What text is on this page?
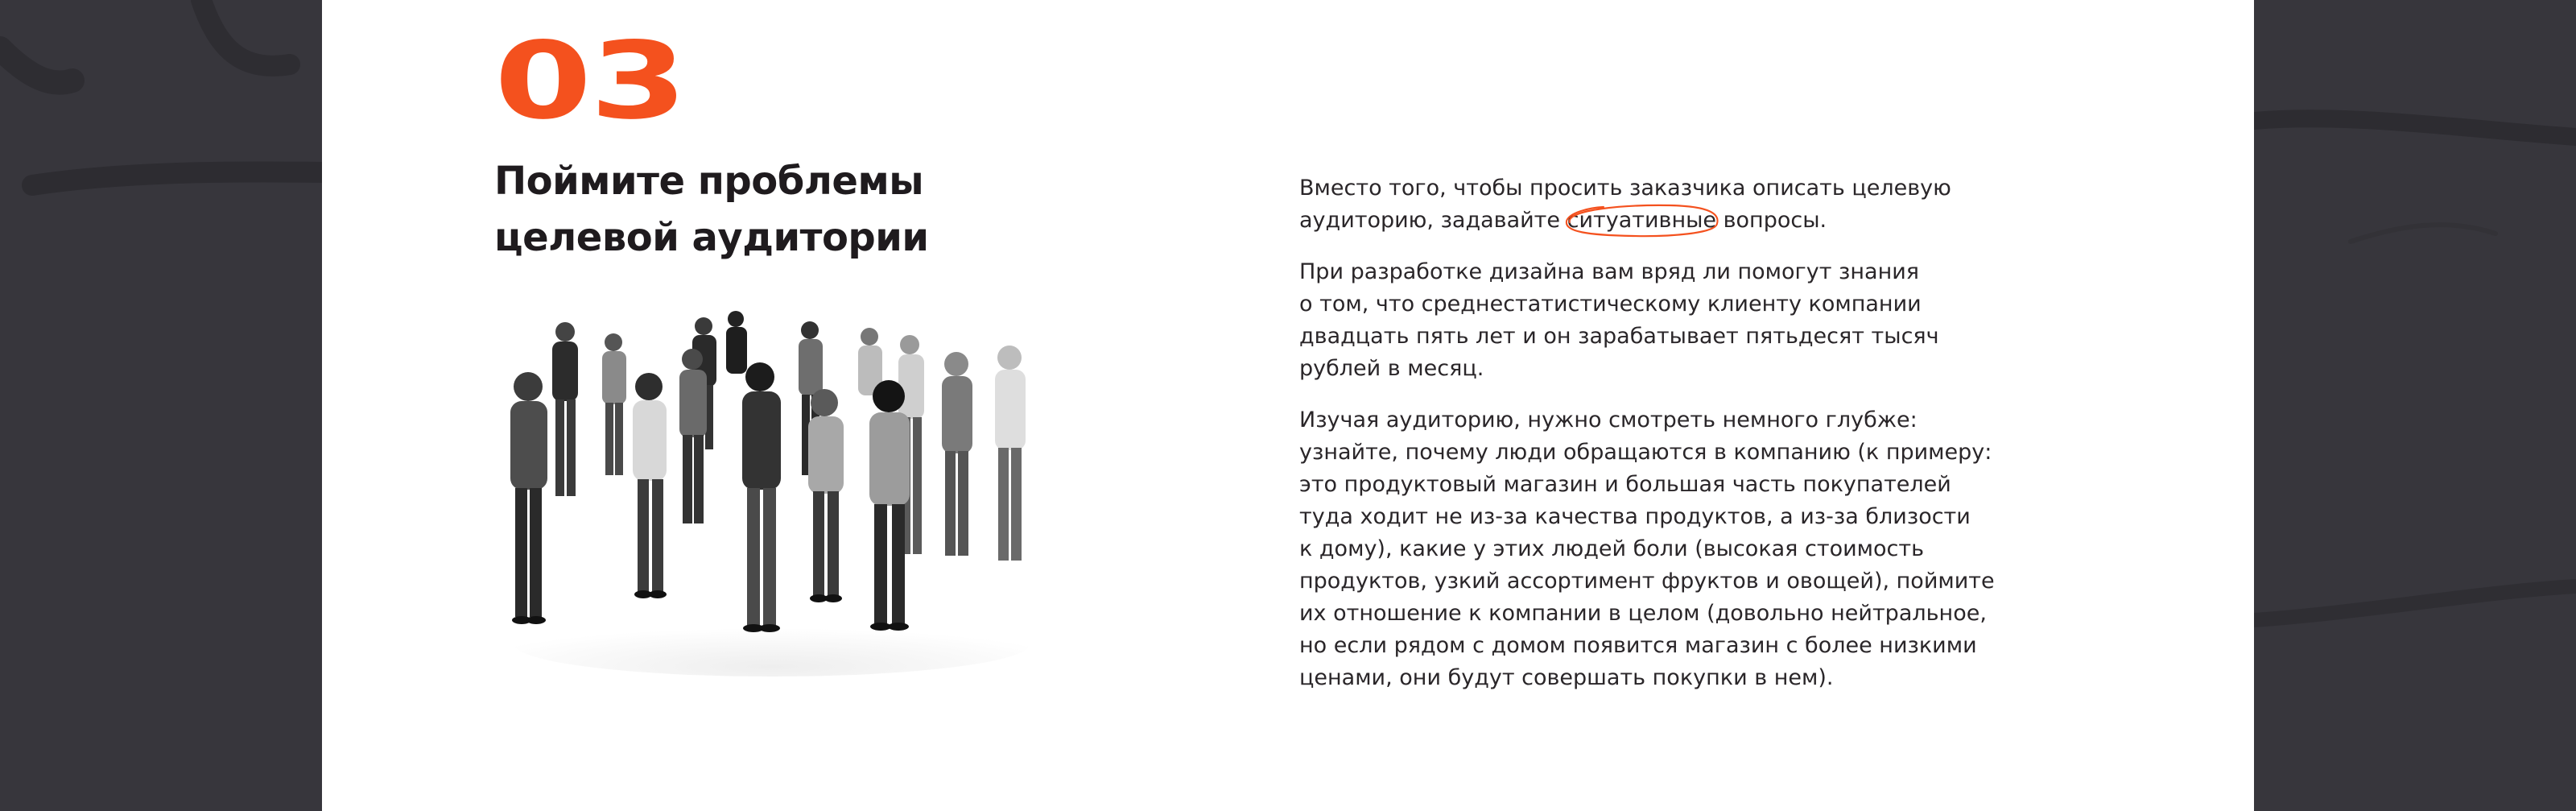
03
Поймите проблемы
целевой аудитории

Вместо того, чтобы просить заказчика описать целевую
аудиторию, задавайте ситуативные
вопросы.

При разработке дизайна вам вряд ли помогут знания
о том, что среднестатистическому клиенту компании
двадцать пять лет и он зарабатывает пятьдесят тысяч
рублей в месяц.

Изучая аудиторию, нужно смотреть немного глубже:
узнайте, почему люди обращаются в компанию (к примеру:
это продуктовый магазин и большая часть покупателей
туда ходит не из-за качества продуктов, а из-за близости
к дому), какие у этих людей боли (высокая стоимость
продуктов, узкий ассортимент фруктов и овощей), поймите
их отношение к компании в целом (довольно нейтральное,
но если рядом с домом появится магазин с более низкими
ценами, они будут совершать покупки в нем).
